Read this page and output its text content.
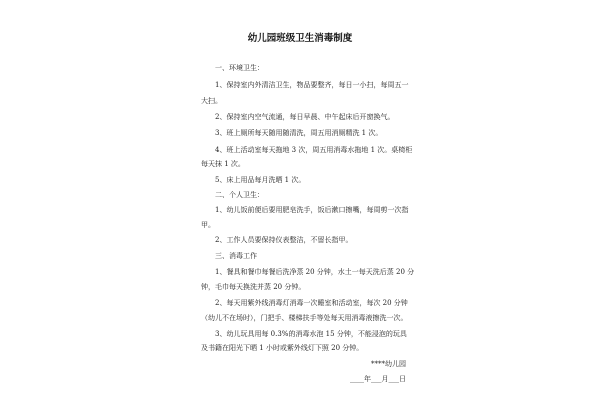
幼儿园班级卫生消毒制度
一、环境卫生：
1、保持室内外清洁卫生，物品要整齐，每日一小扫，每周五一
大扫。
2、保持室内空气流通，每日早晨、中午起床后开窗换气。
3、班上厕所每天随用随清洗，周五用消厕精洗 1 次。
4、班上活动室每天拖地 3 次，周五用消毒水拖地 1 次。桌椅柜
每天抹 1 次。
5、床上用品每月洗晒 1 次。
二、个人卫生：
1、幼儿饭前便后要用肥皂洗手，饭后漱口擦嘴，每周剪一次指
甲。
2、工作人员要保持仪表整洁，不留长指甲。
三、消毒工作
1、餐具和餐巾每餐后洗净蒸 20 分钟，水土一每天洗后蒸 20 分
钟，毛巾每天换洗并蒸 20 分钟。
2、每天用紫外线消毒灯消毒一次睡室和活动室，每次 20 分钟
（幼儿不在场时），门把手、楼梯扶手等处每天用消毒液擦洗一次。
3、幼儿玩具用每 0.3%的消毒水泡 15 分钟，不能浸泡的玩具
及书籍在阳光下晒 1 小时或紫外线灯下照 20 分钟。
****幼儿园
____年___月___日
